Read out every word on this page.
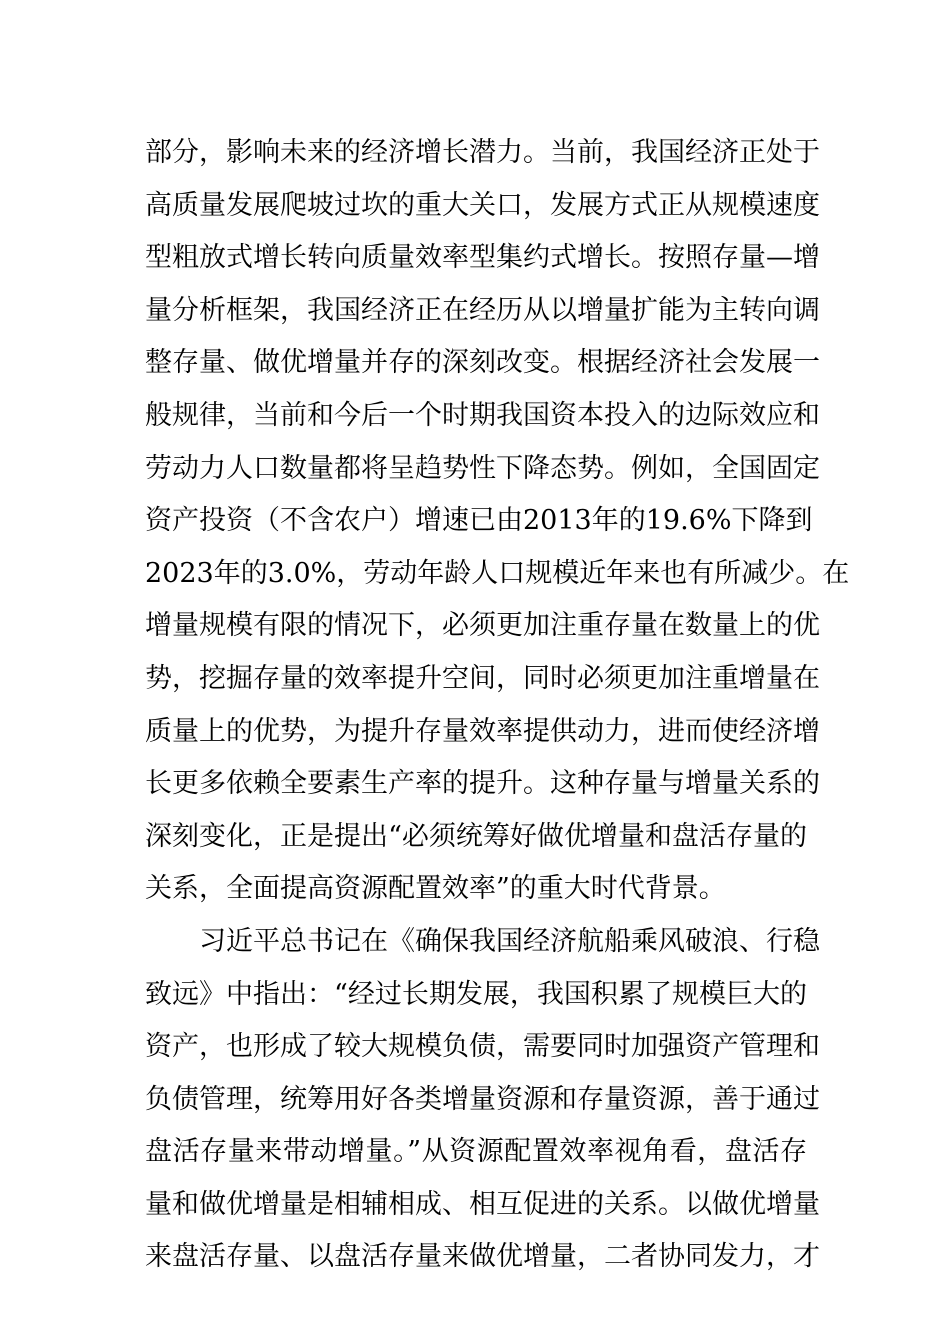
部分，影响未来的经济增长潜力。当前，我国经济正处于
高质量发展爬坡过坎的重大关口，发展方式正从规模速度
型粗放式增长转向质量效率型集约式增长。按照存量—增
量分析框架，我国经济正在经历从以增量扩能为主转向调
整存量、做优增量并存的深刻改变。根据经济社会发展一
般规律，当前和今后一个时期我国资本投入的边际效应和
劳动力人口数量都将呈趋势性下降态势。例如，全国固定
资产投资（不含农户）增速已由2013年的19.6%下降到
2023年的3.0%，劳动年龄人口规模近年来也有所减少。在
增量规模有限的情况下，必须更加注重存量在数量上的优
势，挖掘存量的效率提升空间，同时必须更加注重增量在
质量上的优势，为提升存量效率提供动力，进而使经济增
长更多依赖全要素生产率的提升。这种存量与增量关系的
深刻变化，正是提出“必须统筹好做优增量和盘活存量的
关系，全面提高资源配置效率”的重大时代背景。
习近平总书记在《确保我国经济航船乘风破浪、行稳
致远》中指出：“经过长期发展，我国积累了规模巨大的
资产，也形成了较大规模负债，需要同时加强资产管理和
负债管理，统筹用好各类增量资源和存量资源，善于通过
盘活存量来带动增量。”从资源配置效率视角看，盘活存
量和做优增量是相辅相成、相互促进的关系。以做优增量
来盘活存量、以盘活存量来做优增量，二者协同发力，才
